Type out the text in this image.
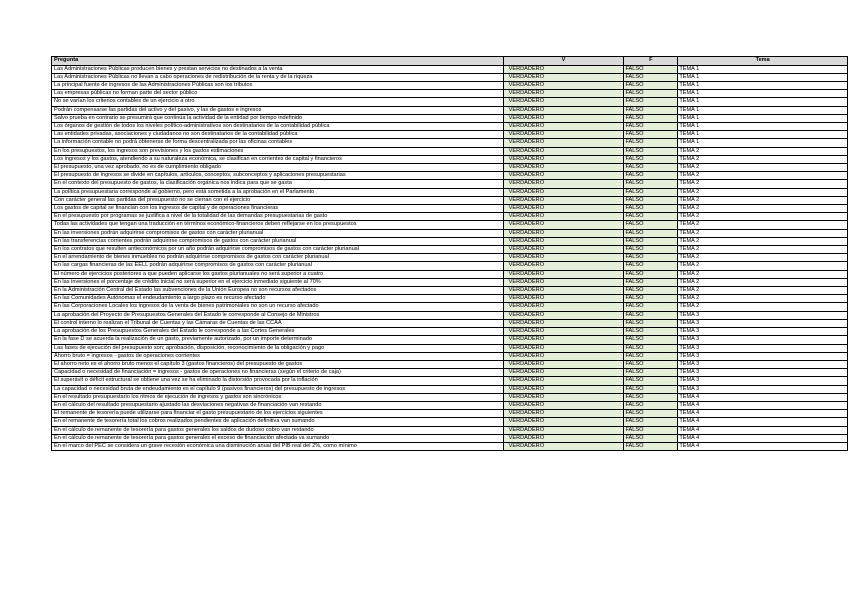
Pregunta	V	F	Tema
Las Administraciones Públicas producen bienes y prestan servicios no destinados a la venta	VERDADERO	FALSO	TEMA 1
Las Administraciones Públicas no llevan a cabo operaciones de redistribución de la renta y de la riqueza	VERDADERO	FALSO	TEMA 1
La principal fuente de ingresos de las Administraciones Públicas son los tributos	VERDADERO	FALSO	TEMA 1
Las empresas públicas no forman parte del sector público	VERDADERO	FALSO	TEMA 1
No se varían los criterios contables de un ejercicio a otro	VERDADERO	FALSO	TEMA 1
Podrán compensarse las partidas del activo y del pasivo, y las de gastos e ingresos	VERDADERO	FALSO	TEMA 1
Salvo prueba en contrario se presumirá que continúa la actividad de la entidad por tiempo indefinido	VERDADERO	FALSO	TEMA 1
Los órganos de gestión de todos los niveles político-administrativos son destinatarios de la contabilidad pública	VERDADERO	FALSO	TEMA 1
Las entidades privadas, asociaciones y ciudadanos no son destinatarios de la contabilidad pública	VERDADERO	FALSO	TEMA 1
La información contable no podrá obtenerse de forma descentralizada por las oficinas contables	VERDADERO	FALSO	TEMA 1
En los presupuestos, los ingresos son previsiones y los gastos estimaciones	VERDADERO	FALSO	TEMA 2
Los ingresos y los gastos, atendiendo a su naturaleza económica, se clasifican en corrientes de capital y financieros	VERDADERO	FALSO	TEMA 2
El presupuesto, una vez aprobado, no es de cumplimiento obligado	VERDADERO	FALSO	TEMA 2
El presupuesto de ingresos se divide en capítulos, artículos, conceptos, subconceptos y aplicaciones presupuestarias	VERDADERO	FALSO	TEMA 2
En el contexto del presupuesto de gastos, la clasificación orgánica nos indica para que se gasta	VERDADERO	FALSO	TEMA 2
La política presupuestaria corresponde al gobierno, pero está sometida a la aprobación en el Parlamento	VERDADERO	FALSO	TEMA 2
Con carácter general las partidas del presupuesto no se cierran con el ejercicio	VERDADERO	FALSO	TEMA 2
Los gastos de capital se financian con los ingresos de capital y de operaciones financieras	VERDADERO	FALSO	TEMA 2
En el presupuesto por programas se justifica a nivel de la totalidad de las demandas presupuestarias de gasto	VERDADERO	FALSO	TEMA 2
Todas las actividades que tengan una traducción en términos económico-financieros deben reflejarse en los presupuestos	VERDADERO	FALSO	TEMA 2
En las inversiones podrán adquirirse compromisos de gastos con carácter plurianual	VERDADERO	FALSO	TEMA 2
En las transferencias corrientes podrán adquirirse compromisos de gastos con carácter plurianual	VERDADERO	FALSO	TEMA 2
En los contratos que resulten antieconómicos por un año podrán adquirirse compromisos de gastos con carácter plurianual	VERDADERO	FALSO	TEMA 2
En el arrendamiento de bienes inmuebles no podrán adquirirse compromisos de gastos con carácter plurianual	VERDADERO	FALSO	TEMA 2
En las cargas financieras de las EELL podrán adquirirse compromisos de gastos con carácter plurianual	VERDADERO	FALSO	TEMA 2
El número de ejercicios posteriores a que pueden aplicarse los gastos plurianuales no será superior a cuatro	VERDADERO	FALSO	TEMA 2
En las inversiones el porcentaje de crédito inicial no será superior en el ejercicio inmediato siguiente al 70%	VERDADERO	FALSO	TEMA 2
En la Administración Central del Estado las subvenciones de la Unión Europea no son recursos afectados	VERDADERO	FALSO	TEMA 2
En las Comunidades Autónomas el endeudamiento a largo plazo es recurso afectado	VERDADERO	FALSO	TEMA 2
En las Corporaciones Locales los ingresos de la venta de bienes patrimoniales no son un recurso afectado	VERDADERO	FALSO	TEMA 2
La aprobación del Proyecto de Presupuestos Generales del Estado le corresponde al Consejo de Ministros	VERDADERO	FALSO	TEMA 3
El control interno lo realizan el Tribunal de Cuentas y las Cámaras de Cuentas de las CCAA	VERDADERO	FALSO	TEMA 3
La aprobación de los Presupuestos Generales del Estado le corresponde a las Cortes Generales	VERDADERO	FALSO	TEMA 3
En la fase D se acuerda la realización de un gasto, previamente autorizado, por un importe determinado	VERDADERO	FALSO	TEMA 3
Las fases de ejecución del presupuesto son; aprobación, disposición, reconocimiento de la obligación y pago	VERDADERO	FALSO	TEMA 3
Ahorro bruto = ingresos - gastos de operaciones corrientes	VERDADERO	FALSO	TEMA 3
El ahorro neto es el ahorro bruto menos el capítulo 3 (gastos financieros) del presupuesto de gastos	VERDADERO	FALSO	TEMA 3
Capacidad o necesidad de financiación = ingresos - gastos de operaciones no financieras (según el criterio de caja)	VERDADERO	FALSO	TEMA 3
El superávit o déficit estructural se obtiene una vez se ha eliminado la distorsión provocada por la inflación	VERDADERO	FALSO	TEMA 3
La capacidad o necesidad bruta de endeudamiento es el capítulo 9 (pasivos financieros) del presupuesto de ingresos	VERDADERO	FALSO	TEMA 3
En el resultado presupuestario los ritmos de ejecución de ingresos y gastos son sincrónicos	VERDADERO	FALSO	TEMA 4
En el cálculo del resultado presupuestario ajustado las desviaciones negativas de financiación van restando	VERDADERO	FALSO	TEMA 4
El remanente de tesorería puede utilizarse para financiar el gasto presupuestario de los ejercicios siguientes	VERDADERO	FALSO	TEMA 4
En el remanente de tesorería total los cobros realizados pendientes de aplicación definitiva van sumando	VERDADERO	FALSO	TEMA 4
En el cálculo de remanente de tesorería para gastos generales los saldos de dudoso cobro van restando	VERDADERO	FALSO	TEMA 4
En el cálculo de remanente de tesorería para gastos generales el exceso de financiación afectada va sumando	VERDADERO	FALSO	TEMA 4
En el marco del PEC se considera un grave recesión económica una disminución anual del PIB real del 2%, como mínimo	VERDADERO	FALSO	TEMA 4
